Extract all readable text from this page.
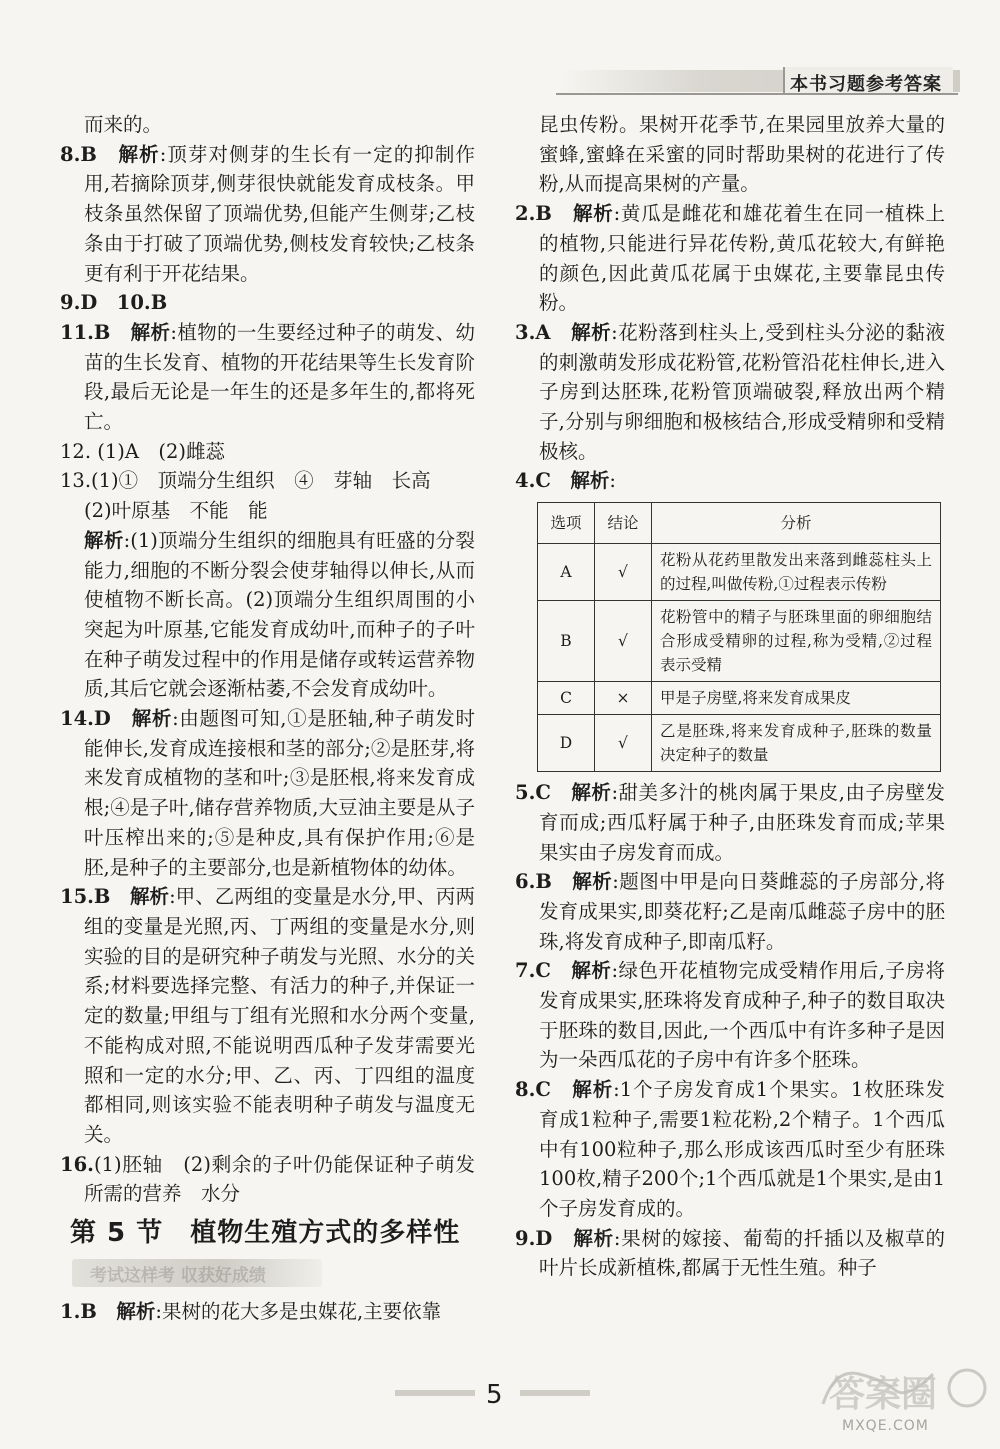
本书习题参考答案

而来的。

8.B　 解析:顶芽对侧芽的生长有一定的抑制作用,若摘除顶芽,侧芽很快就能发育成枝条。甲枝条虽然保留了顶端优势,但能产生侧芽;乙枝条由于打破了顶端优势,侧枝发育较快;乙枝条更有利于开花结果。

9.D　10.B

11.B　 解析:植物的一生要经过种子的萌发、幼苗的生长发育、植物的开花结果等生长发育阶段,最后无论是一年生的还是多年生的,都将死亡。

12. (1)A　(2)雌蕊

13.(1)①　顶端分生组织　④　芽轴　长高

(2)叶原基　不能　能

解析:(1)顶端分生组织的细胞具有旺盛的分裂能力,细胞的不断分裂会使芽轴得以伸长,从而使植物不断长高。(2)顶端分生组织周围的小突起为叶原基,它能发育成幼叶,而种子的子叶在种子萌发过程中的作用是储存或转运营养物质,其后它就会逐渐枯萎,不会发育成幼叶。

14.D　 解析:由题图可知,①是胚轴,种子萌发时能伸长,发育成连接根和茎的部分;②是胚芽,将来发育成植物的茎和叶;③是胚根,将来发育成根;④是子叶,储存营养物质,大豆油主要是从子叶压榨出来的;⑤是种皮,具有保护作用;⑥是胚,是种子的主要部分,也是新植物体的幼体。

15.B　 解析:甲、乙两组的变量是水分,甲、丙两组的变量是光照,丙、丁两组的变量是水分,则实验的目的是研究种子萌发与光照、水分的关系;材料要选择完整、有活力的种子,并保证一定的数量;甲组与丁组有光照和水分两个变量,不能构成对照,不能说明西瓜种子发芽需要光照和一定的水分;甲、乙、丙、丁四组的温度都相同,则该实验不能表明种子萌发与温度无关。

16.(1)胚轴　(2)剩余的子叶仍能保证种子萌发所需的营养　水分

第 5 节　植物生殖方式的多样性
考试这样考 収获好成绩

1.B　 解析:果树的花大多是虫媒花,主要依靠

昆虫传粉。果树开花季节,在果园里放养大量的蜜蜂,蜜蜂在采蜜的同时帮助果树的花进行了传粉,从而提高果树的产量。

2.B　 解析:黄瓜是雌花和雄花着生在同一植株上的植物,只能进行异花传粉,黄瓜花较大,有鲜艳的颜色,因此黄瓜花属于虫媒花,主要靠昆虫传粉。

3.A　 解析:花粉落到柱头上,受到柱头分泌的黏液的刺激萌发形成花粉管,花粉管沿花柱伸长,进入子房到达胚珠,花粉管顶端破裂,释放出两个精子,分别与卵细胞和极核结合,形成受精卵和受精极核。

4.C　 解析:

选项	结论	分析
A	√	花粉从花药里散发出来落到雌蕊柱头上的过程,叫做传粉,①过程表示传粉
B	√	花粉管中的精子与胚珠里面的卵细胞结合形成受精卵的过程,称为受精,②过程表示受精
C	×	甲是子房壁,将来发育成果皮
D	√	乙是胚珠,将来发育成种子,胚珠的数量决定种子的数量

5.C　 解析:甜美多汁的桃肉属于果皮,由子房壁发育而成;西瓜籽属于种子,由胚珠发育而成;苹果果实由子房发育而成。

6.B　 解析:题图中甲是向日葵雌蕊的子房部分,将发育成果实,即葵花籽;乙是南瓜雌蕊子房中的胚珠,将发育成种子,即南瓜籽。

7.C　 解析:绿色开花植物完成受精作用后,子房将发育成果实,胚珠将发育成种子,种子的数目取决于胚珠的数目,因此,一个西瓜中有许多种子是因为一朵西瓜花的子房中有许多个胚珠。

8.C　 解析:1个子房发育成1个果实。1枚胚珠发育成1粒种子,需要1粒花粉,2个精子。1个西瓜中有100粒种子,那么形成该西瓜时至少有胚珠100枚,精子200个;1个西瓜就是1个果实,是由1个子房发育成的。

9.D　 解析:果树的嫁接、葡萄的扦插以及椒草的叶片长成新植株,都属于无性生殖。种子

5	答案圈
MXQE.COM
